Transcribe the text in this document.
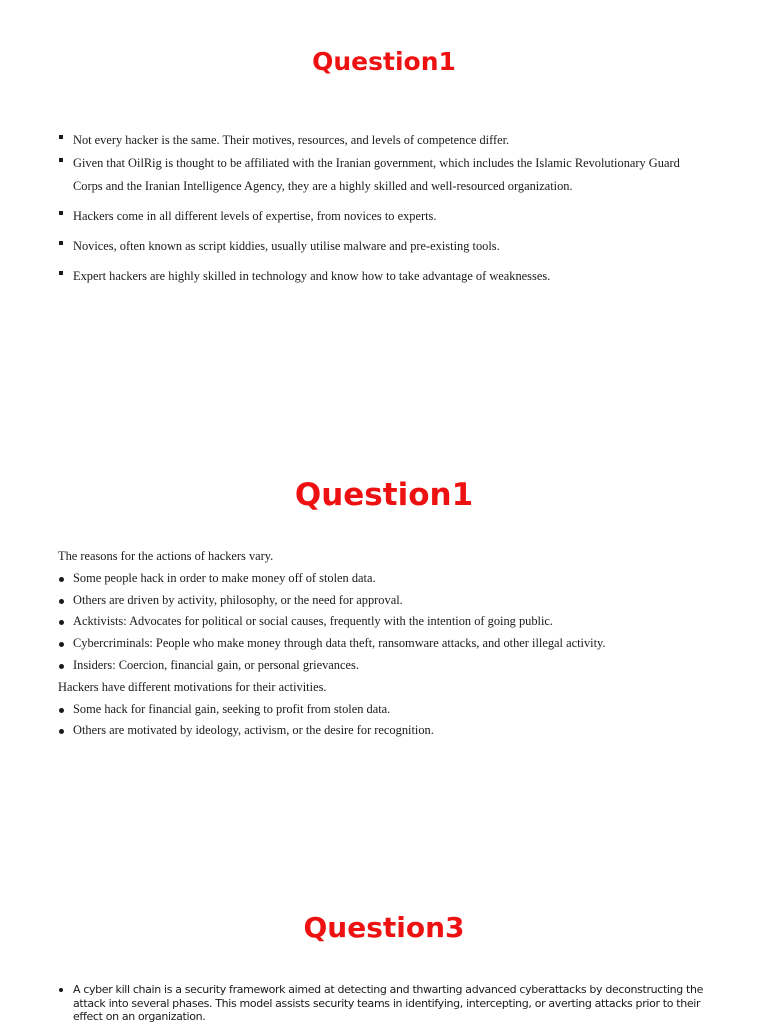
Question1
Not every hacker is the same. Their motives, resources, and levels of competence differ.
Given that OilRig is thought to be affiliated with the Iranian government, which includes the Islamic Revolutionary Guard Corps and the Iranian Intelligence Agency, they are a highly skilled and well-resourced organization.
Hackers come in all different levels of expertise, from novices to experts.
Novices, often known as script kiddies, usually utilise malware and pre-existing tools.
Expert hackers are highly skilled in technology and know how to take advantage of weaknesses.
Question1

The reasons for the actions of hackers vary.

Some people hack in order to make money off of stolen data.
Others are driven by activity, philosophy, or the need for approval.
Acktivists: Advocates for political or social causes, frequently with the intention of going public.
Cybercriminals: People who make money through data theft, ransomware attacks, and other illegal activity.
Insiders: Coercion, financial gain, or personal grievances.

Hackers have different motivations for their activities.

Some hack for financial gain, seeking to profit from stolen data.
Others are motivated by ideology, activism, or the desire for recognition.
Question3
A cyber kill chain is a security framework aimed at detecting and thwarting advanced cyberattacks by deconstructing the attack into several phases. This model assists security teams in identifying, intercepting, or averting attacks prior to their effect on an organization.
